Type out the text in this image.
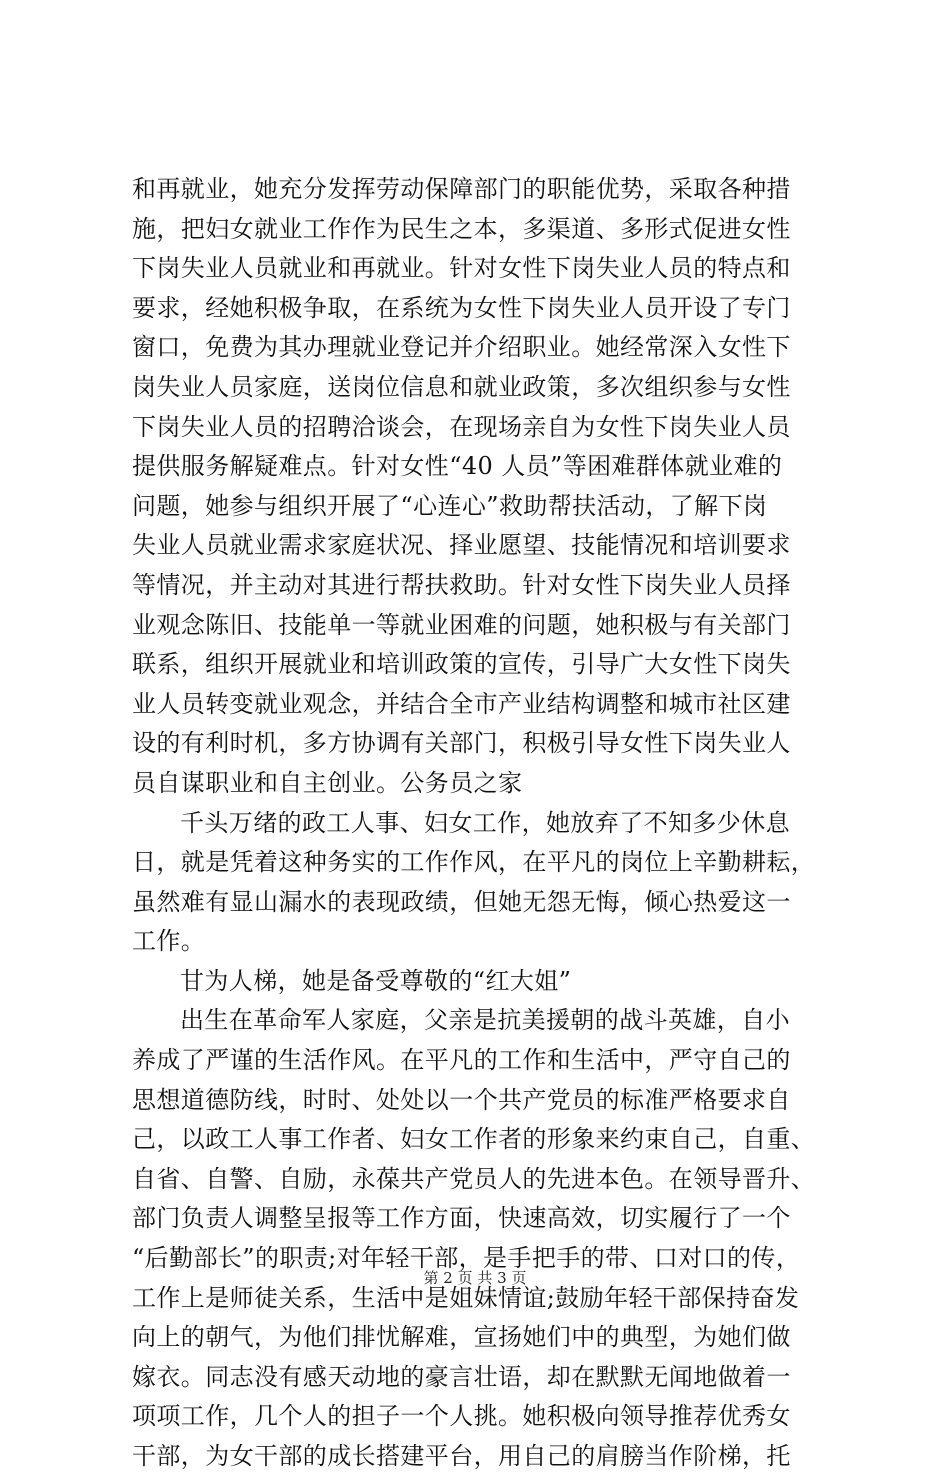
和再就业，她充分发挥劳动保障部门的职能优势，采取各种措
施，把妇女就业工作作为民生之本，多渠道、多形式促进女性
下岗失业人员就业和再就业。针对女性下岗失业人员的特点和
要求，经她积极争取，在系统为女性下岗失业人员开设了专门
窗口，免费为其办理就业登记并介绍职业。她经常深入女性下
岗失业人员家庭，送岗位信息和就业政策，多次组织参与女性
下岗失业人员的招聘洽谈会，在现场亲自为女性下岗失业人员
提供服务解疑难点。针对女性“40 人员”等困难群体就业难的
问题，她参与组织开展了“心连心”救助帮扶活动，了解下岗
失业人员就业需求家庭状况、择业愿望、技能情况和培训要求
等情况，并主动对其进行帮扶救助。针对女性下岗失业人员择
业观念陈旧、技能单一等就业困难的问题，她积极与有关部门
联系，组织开展就业和培训政策的宣传，引导广大女性下岗失
业人员转变就业观念，并结合全市产业结构调整和城市社区建
设的有利时机，多方协调有关部门，积极引导女性下岗失业人
员自谋职业和自主创业。公务员之家
千头万绪的政工人事、妇女工作，她放弃了不知多少休息
日，就是凭着这种务实的工作作风，在平凡的岗位上辛勤耕耘，
虽然难有显山漏水的表现政绩，但她无怨无悔，倾心热爱这一
工作。
甘为人梯，她是备受尊敬的“红大姐”
出生在革命军人家庭，父亲是抗美援朝的战斗英雄，自小
养成了严谨的生活作风。在平凡的工作和生活中，严守自己的
思想道德防线，时时、处处以一个共产党员的标准严格要求自
己，以政工人事工作者、妇女工作者的形象来约束自己，自重、
自省、自警、自励，永葆共产党员人的先进本色。在领导晋升、
部门负责人调整呈报等工作方面，快速高效，切实履行了一个
“后勤部长”的职责;对年轻干部，是手把手的带、口对口的传，
工作上是师徒关系，生活中是姐妹情谊;鼓励年轻干部保持奋发
向上的朝气，为他们排忧解难，宣扬她们中的典型，为她们做
嫁衣。同志没有感天动地的豪言壮语，却在默默无闻地做着一
项项工作，几个人的担子一个人挑。她积极向领导推荐优秀女
干部，为女干部的成长搭建平台，用自己的肩膀当作阶梯，托
第 2 页 共 3 页
